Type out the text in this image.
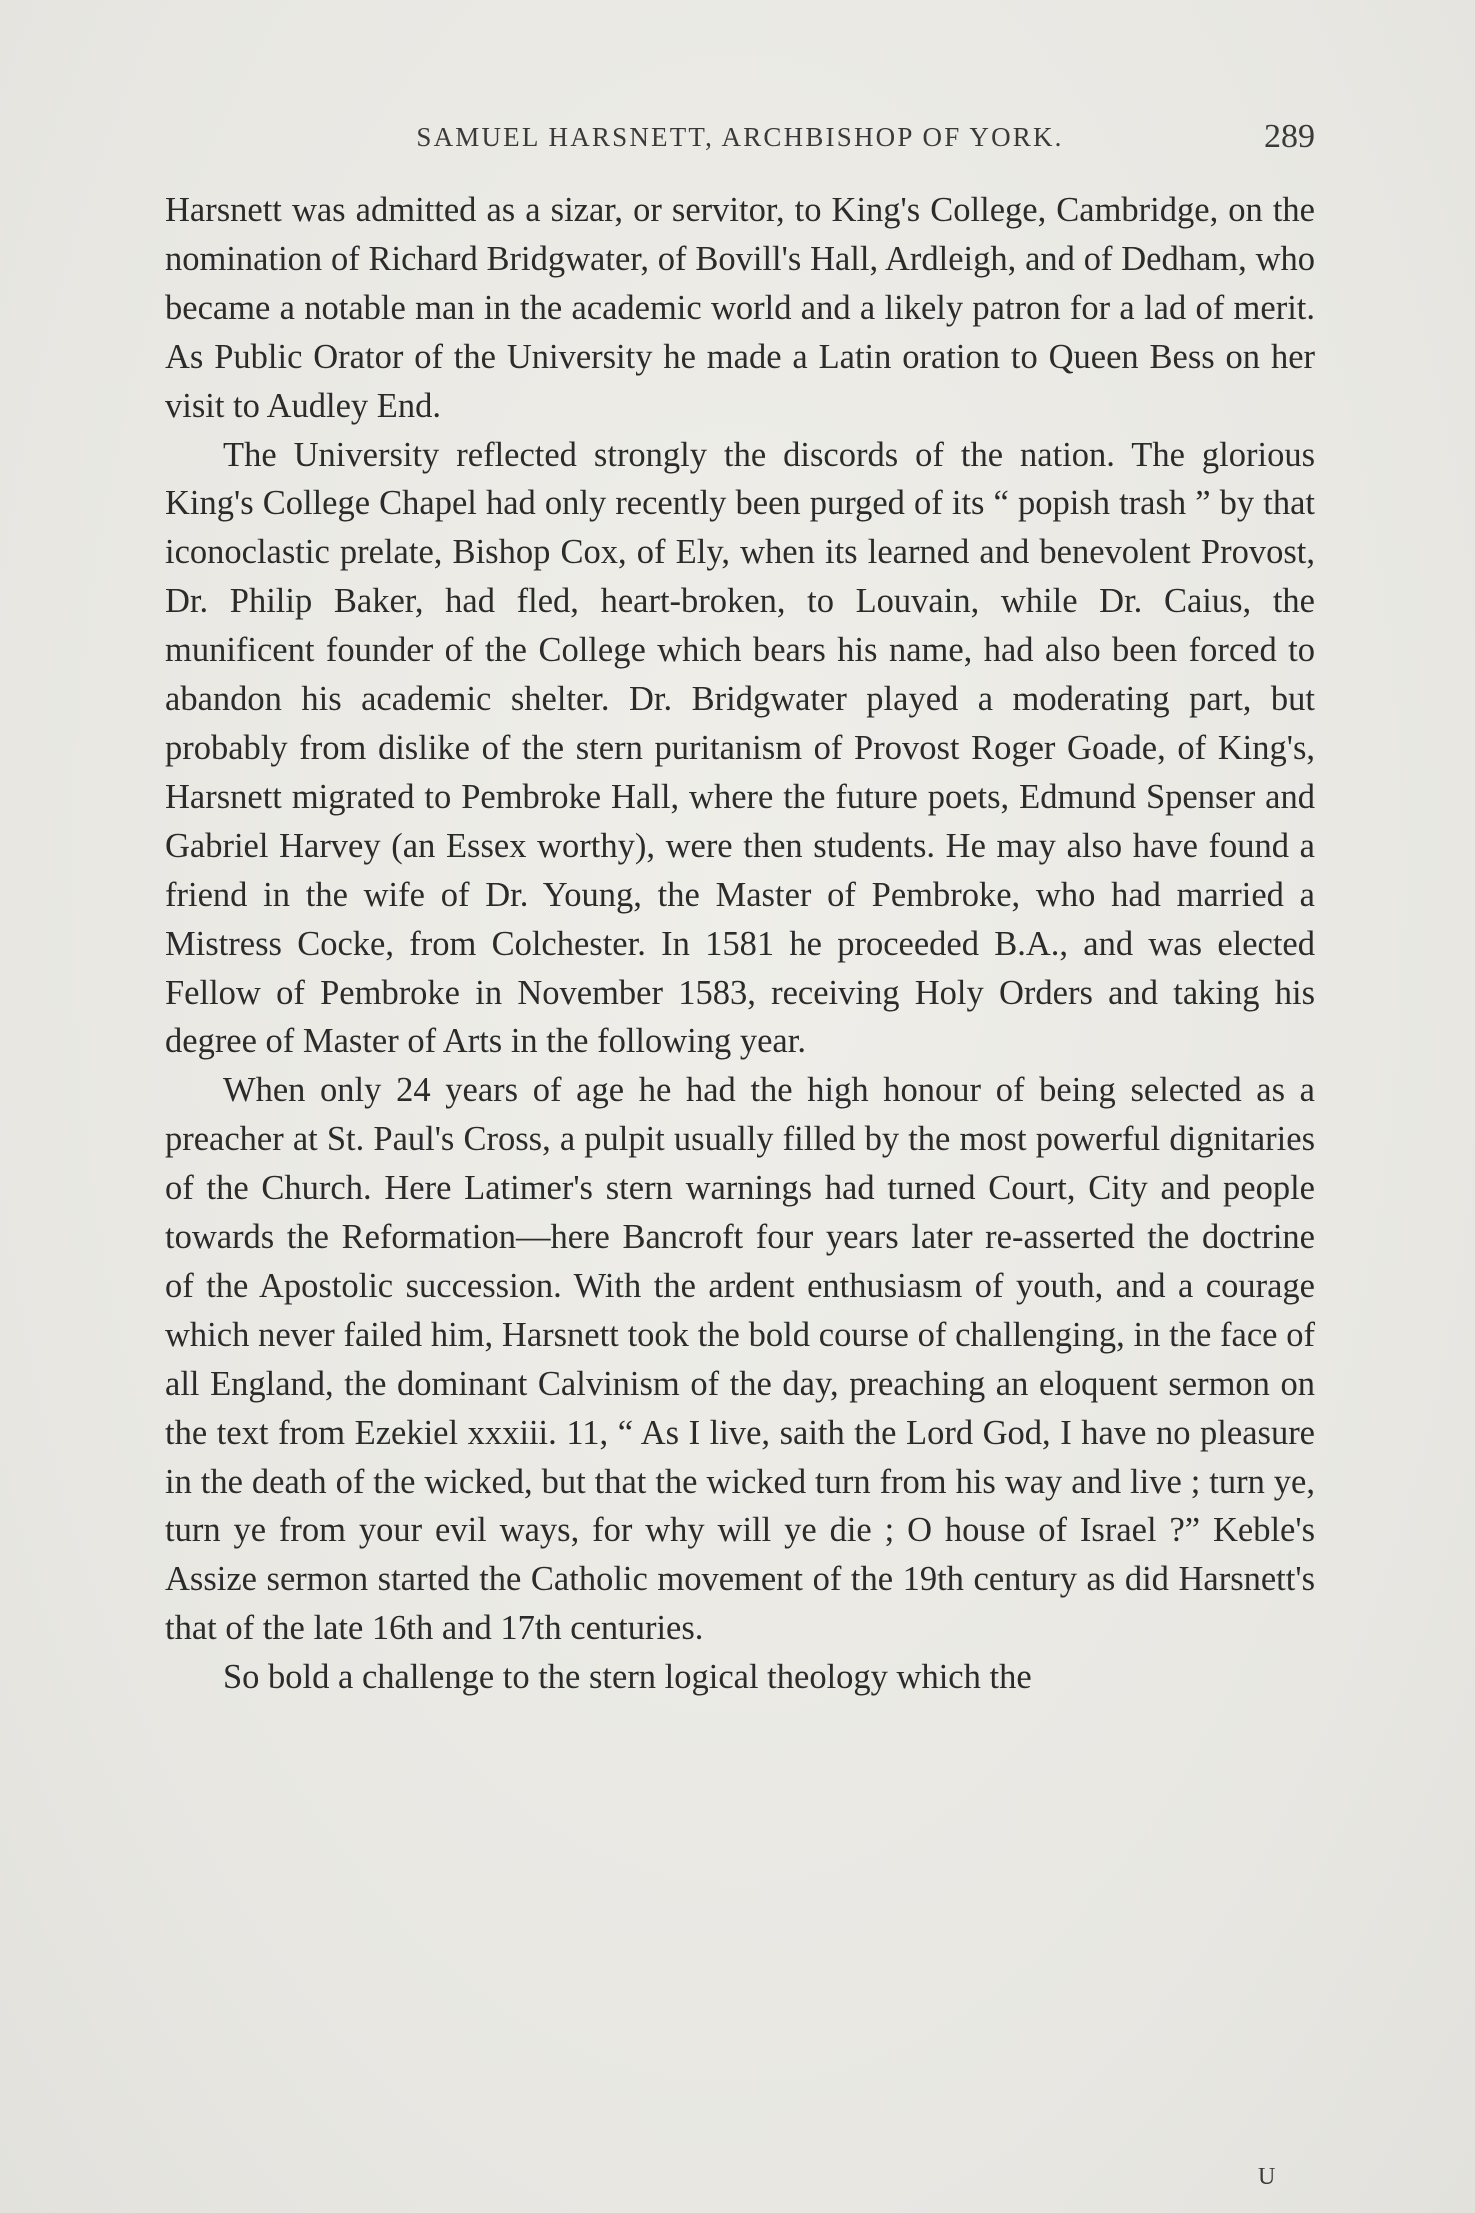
SAMUEL HARSNETT, ARCHBISHOP OF YORK.	289

Harsnett was admitted as a sizar, or servitor, to King's College, Cambridge, on the nomination of Richard Bridgwater, of Bovill's Hall, Ardleigh, and of Dedham, who became a notable man in the academic world and a likely patron for a lad of merit. As Public Orator of the University he made a Latin oration to Queen Bess on her visit to Audley End.

The University reflected strongly the discords of the nation. The glorious King's College Chapel had only recently been purged of its “ popish trash ” by that iconoclastic prelate, Bishop Cox, of Ely, when its learned and benevolent Provost, Dr. Philip Baker, had fled, heart-broken, to Louvain, while Dr. Caius, the munificent founder of the College which bears his name, had also been forced to abandon his academic shelter. Dr. Bridgwater played a moderating part, but probably from dislike of the stern puritanism of Provost Roger Goade, of King's, Harsnett migrated to Pembroke Hall, where the future poets, Edmund Spenser and Gabriel Harvey (an Essex worthy), were then students. He may also have found a friend in the wife of Dr. Young, the Master of Pembroke, who had married a Mistress Cocke, from Colchester. In 1581 he proceeded B.A., and was elected Fellow of Pembroke in November 1583, receiving Holy Orders and taking his degree of Master of Arts in the following year.

When only 24 years of age he had the high honour of being selected as a preacher at St. Paul's Cross, a pulpit usually filled by the most powerful dignitaries of the Church. Here Latimer's stern warnings had turned Court, City and people towards the Reformation—here Bancroft four years later re-asserted the doctrine of the Apostolic succession. With the ardent enthusiasm of youth, and a courage which never failed him, Harsnett took the bold course of challenging, in the face of all England, the dominant Calvinism of the day, preaching an eloquent sermon on the text from Ezekiel xxxiii. 11, “ As I live, saith the Lord God, I have no pleasure in the death of the wicked, but that the wicked turn from his way and live ; turn ye, turn ye from your evil ways, for why will ye die ; O house of Israel ?” Keble's Assize sermon started the Catholic movement of the 19th century as did Harsnett's that of the late 16th and 17th centuries.

So bold a challenge to the stern logical theology which the

U
